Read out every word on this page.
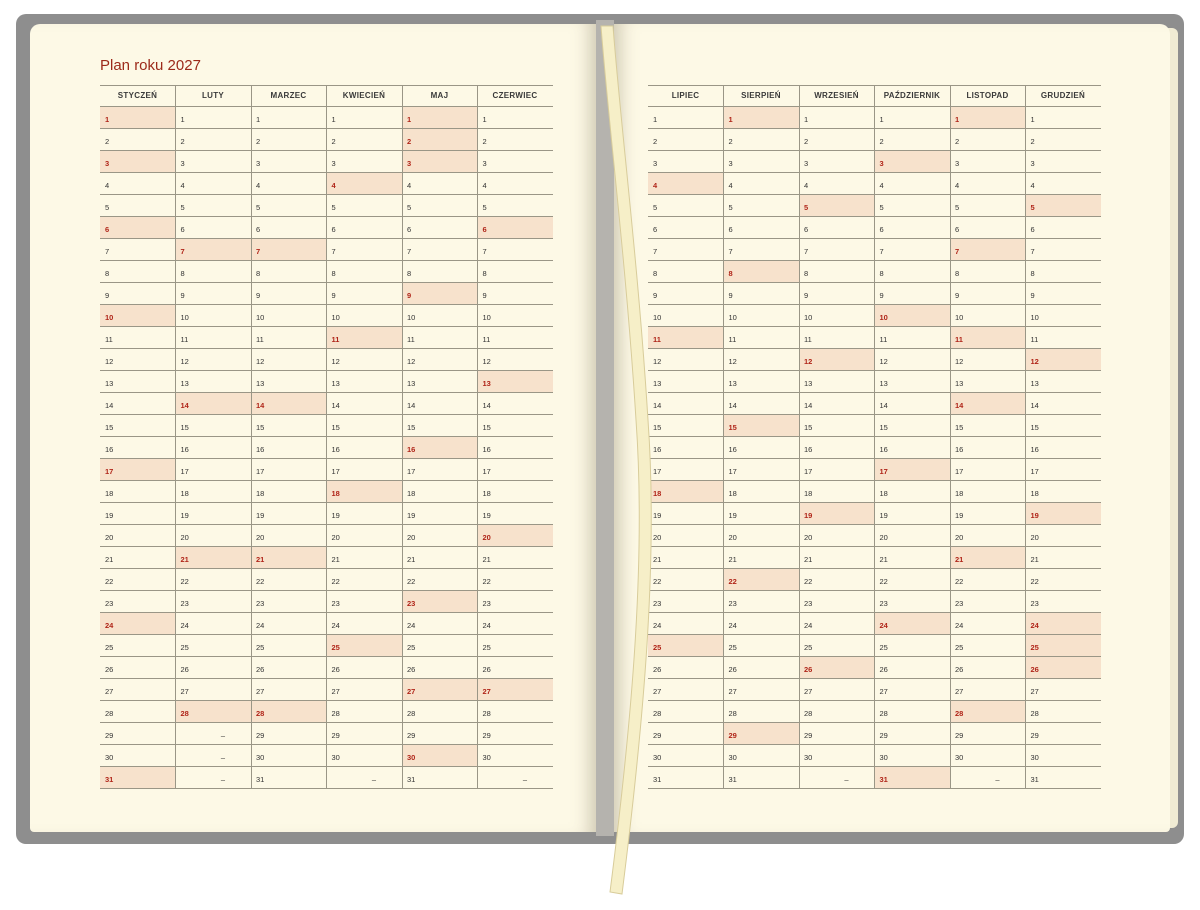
Plan roku 2027
STYCZEŃ
1
2
3
4
5
6
7
8
9
10
11
12
13
14
15
16
17
18
19
20
21
22
23
24
25
26
27
28
29
30
31
LUTY
1
2
3
4
5
6
7
8
9
10
11
12
13
14
15
16
17
18
19
20
21
22
23
24
25
26
27
28
–
–
–
MARZEC
1
2
3
4
5
6
7
8
9
10
11
12
13
14
15
16
17
18
19
20
21
22
23
24
25
26
27
28
29
30
31
KWIECIEŃ
1
2
3
4
5
6
7
8
9
10
11
12
13
14
15
16
17
18
19
20
21
22
23
24
25
26
27
28
29
30
–
MAJ
1
2
3
4
5
6
7
8
9
10
11
12
13
14
15
16
17
18
19
20
21
22
23
24
25
26
27
28
29
30
31
CZERWIEC
1
2
3
4
5
6
7
8
9
10
11
12
13
14
15
16
17
18
19
20
21
22
23
24
25
26
27
28
29
30
–
LIPIEC
1
2
3
4
5
6
7
8
9
10
11
12
13
14
15
16
17
18
19
20
21
22
23
24
25
26
27
28
29
30
31
SIERPIEŃ
1
2
3
4
5
6
7
8
9
10
11
12
13
14
15
16
17
18
19
20
21
22
23
24
25
26
27
28
29
30
31
WRZESIEŃ
1
2
3
4
5
6
7
8
9
10
11
12
13
14
15
16
17
18
19
20
21
22
23
24
25
26
27
28
29
30
–
PAŹDZIERNIK
1
2
3
4
5
6
7
8
9
10
11
12
13
14
15
16
17
18
19
20
21
22
23
24
25
26
27
28
29
30
31
LISTOPAD
1
2
3
4
5
6
7
8
9
10
11
12
13
14
15
16
17
18
19
20
21
22
23
24
25
26
27
28
29
30
–
GRUDZIEŃ
1
2
3
4
5
6
7
8
9
10
11
12
13
14
15
16
17
18
19
20
21
22
23
24
25
26
27
28
29
30
31
